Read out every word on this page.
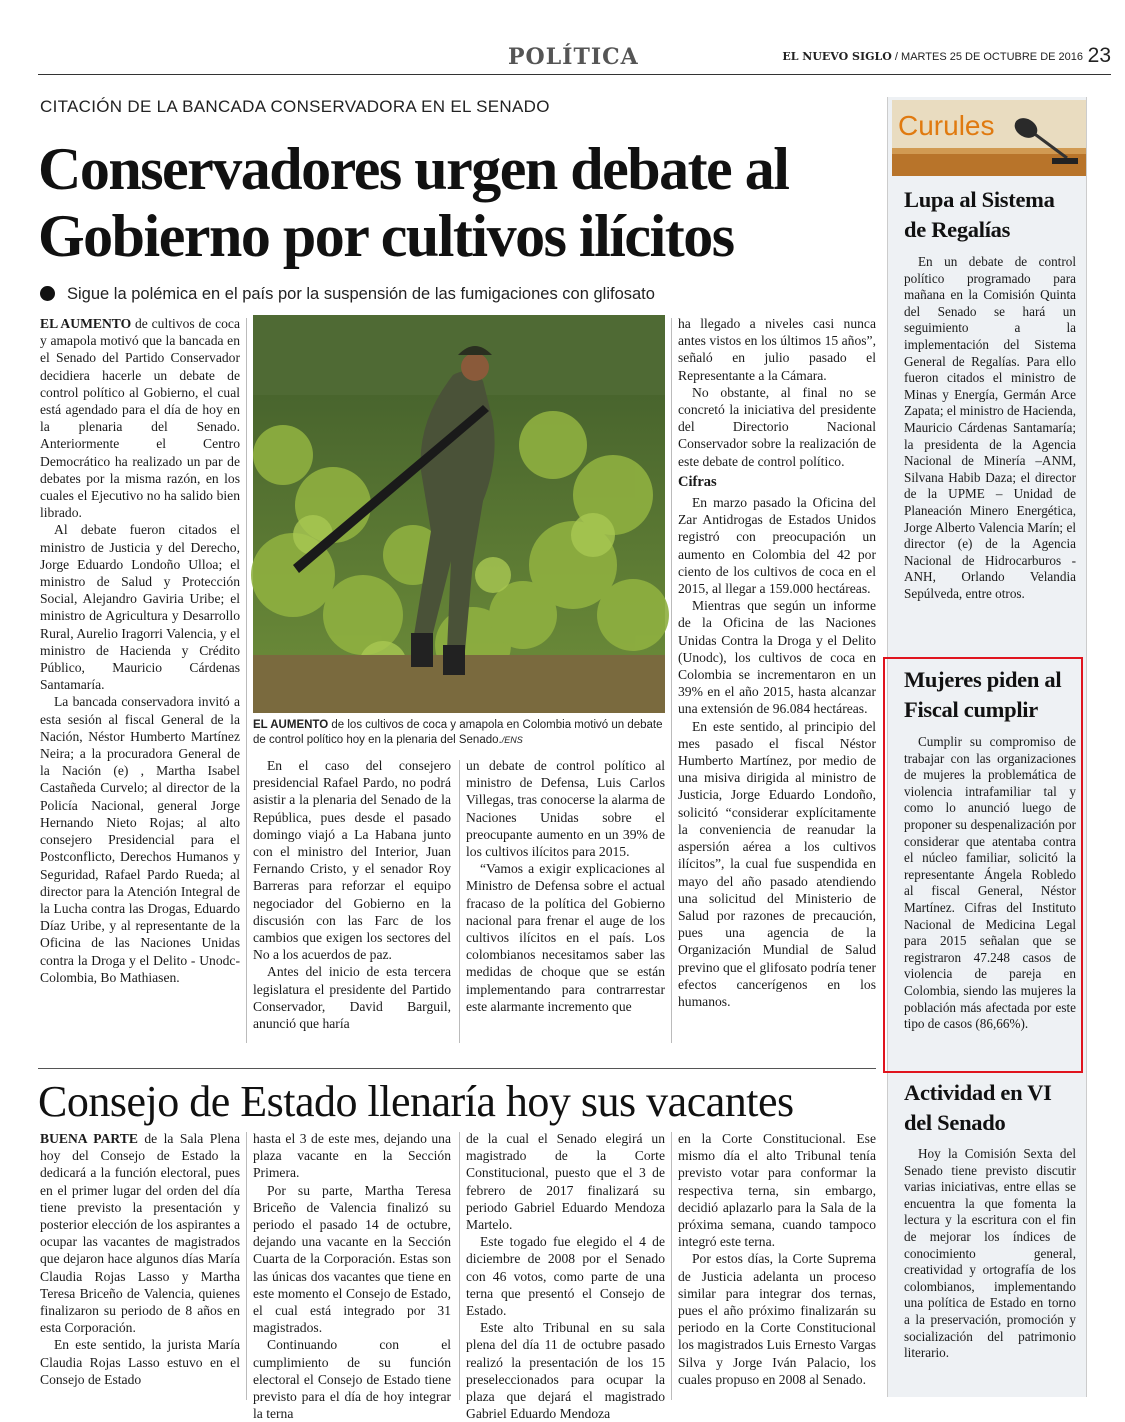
POLÍTICA	EL NUEVO SIGLO / MARTES 25 DE OCTUBRE DE 2016 23
CITACIÓN DE LA BANCADA CONSERVADORA EN EL SENADO
Conservadores urgen debate al
Gobierno por cultivos ilícitos
Sigue la polémica en el país por la suspensión de las fumigaciones con glifosato

EL AUMENTO de cultivos de coca y amapola motivó que la bancada en el Senado del Partido Conservador decidiera hacerle un debate de control político al Gobierno, el cual está agendado para el día de hoy en la plenaria del Senado. Anteriormente el Centro Democrático ha realizado un par de debates por la misma razón, en los cuales el Ejecutivo no ha salido bien librado.

Al debate fueron citados el ministro de Justicia y del Derecho, Jorge Eduardo Londoño Ulloa; el ministro de Salud y Protección Social, Alejandro Gaviria Uribe; el ministro de Agricultura y Desarrollo Rural, Aurelio Iragorri Valencia, y el ministro de Hacienda y Crédito Público, Mauricio Cárdenas Santamaría.

La bancada conservadora invitó a esta sesión al fiscal General de la Nación, Néstor Humberto Martínez Neira; a la procuradora General de la Nación (e) , Martha Isabel Castañeda Curvelo; al director de la Policía Nacional, general Jorge Hernando Nieto Rojas; al alto consejero Presidencial para el Postconflicto, Derechos Humanos y Seguridad, Rafael Pardo Rueda; al director para la Atención Integral de la Lucha contra las Drogas, Eduardo Díaz Uribe, y al representante de la Oficina de las Naciones Unidas contra la Droga y el Delito - Unodc- Colombia, Bo Mathiasen.

EL AUMENTO de los cultivos de coca y amapola en Colombia motivó un debate de control político hoy en la plenaria del Senado./ENS

En el caso del consejero presidencial Rafael Pardo, no podrá asistir a la plenaria del Senado de la República, pues desde el pasado domingo viajó a La Habana junto con el ministro del Interior, Juan Fernando Cristo, y el senador Roy Barreras para reforzar el equipo negociador del Gobierno en la discusión con las Farc de los cambios que exigen los sectores del No a los acuerdos de paz.

Antes del inicio de esta tercera legislatura el presidente del Partido Conservador, David Barguil, anunció que haría

un debate de control político al ministro de Defensa, Luis Carlos Villegas, tras conocerse la alarma de Naciones Unidas sobre el preocupante aumento en un 39% de los cultivos ilícitos para 2015.

“Vamos a exigir explicaciones al Ministro de Defensa sobre el actual fracaso de la política del Gobierno nacional para frenar el auge de los cultivos ilícitos en el país. Los colombianos necesitamos saber las medidas de choque que se están implementando para contrarrestar este alarmante incremento que

ha llegado a niveles casi nunca antes vistos en los últimos 15 años”, señaló en julio pasado el Representante a la Cámara.

No obstante, al final no se concretó la iniciativa del presidente del Directorio Nacional Conservador sobre la realización de este debate de control político.

Cifras

En marzo pasado la Oficina del Zar Antidrogas de Estados Unidos registró con preocupación un aumento en Colombia del 42 por ciento de los cultivos de coca en el 2015, al llegar a 159.000 hectáreas.

Mientras que según un informe de la Oficina de las Naciones Unidas Contra la Droga y el Delito (Unodc), los cultivos de coca en Colombia se incrementaron en un 39% en el año 2015, hasta alcanzar una extensión de 96.084 hectáreas.

En este sentido, al principio del mes pasado el fiscal Néstor Humberto Martínez, por medio de una misiva dirigida al ministro de Justicia, Jorge Eduardo Londoño, solicitó “considerar explícitamente la conveniencia de reanudar la aspersión aérea a los cultivos ilícitos”, la cual fue suspendida en mayo del año pasado atendiendo una solicitud del Ministerio de Salud por razones de precaución, pues una agencia de la Organización Mundial de Salud previno que el glifosato podría tener efectos cancerígenos en los humanos.

Consejo de Estado llenaría hoy sus vacantes

BUENA PARTE de la Sala Plena hoy del Consejo de Estado la dedicará a la función electoral, pues en el primer lugar del orden del día tiene previsto la presentación y posterior elección de los aspirantes a ocupar las vacantes de magistrados que dejaron hace algunos días María Claudia Rojas Lasso y Martha Teresa Briceño de Valencia, quienes finalizaron su periodo de 8 años en esta Corporación.

En este sentido, la jurista María Claudia Rojas Lasso estuvo en el Consejo de Estado

hasta el 3 de este mes, dejando una plaza vacante en la Sección Primera.

Por su parte, Martha Teresa Briceño de Valencia finalizó su periodo el pasado 14 de octubre, dejando una vacante en la Sección Cuarta de la Corporación. Estas son las únicas dos vacantes que tiene en este momento el Consejo de Estado, el cual está integrado por 31 magistrados.

Continuando con el cumplimiento de su función electoral el Consejo de Estado tiene previsto para el día de hoy integrar la terna

de la cual el Senado elegirá un magistrado de la Corte Constitucional, puesto que el 3 de febrero de 2017 finalizará su periodo Gabriel Eduardo Mendoza Martelo.

Este togado fue elegido el 4 de diciembre de 2008 por el Senado con 46 votos, como parte de una terna que presentó el Consejo de Estado.

Este alto Tribunal en su sala plena del día 11 de octubre pasado realizó la presentación de los 15 preseleccionados para ocupar la plaza que dejará el magistrado Gabriel Eduardo Mendoza

en la Corte Constitucional. Ese mismo día el alto Tribunal tenía previsto votar para conformar la respectiva terna, sin embargo, decidió aplazarlo para la Sala de la próxima semana, cuando tampoco integró este terna.

Por estos días, la Corte Suprema de Justicia adelanta un proceso similar para integrar dos ternas, pues el año próximo finalizarán su periodo en la Corte Constitucional los magistrados Luis Ernesto Vargas Silva y Jorge Iván Palacio, los cuales propuso en 2008 al Senado.

Curules
Lupa al Sistema de Regalías

En un debate de control político programado para mañana en la Comisión Quinta del Senado se hará un seguimiento a la implementación del Sistema General de Regalías. Para ello fueron citados el ministro de Minas y Energía, Germán Arce Zapata; el ministro de Hacienda, Mauricio Cárdenas Santamaría; la presidenta de la Agencia Nacional de Minería –ANM, Silvana Habib Daza; el director de la UPME – Unidad de Planeación Minero Energética, Jorge Alberto Valencia Marín; el director (e) de la Agencia Nacional de Hidrocarburos -ANH, Orlando Velandia Sepúlveda, entre otros.

Mujeres piden al Fiscal cumplir

Cumplir su compromiso de trabajar con las organizaciones de mujeres la problemática de violencia intrafamiliar tal y como lo anunció luego de proponer su despenalización por considerar que atentaba contra el núcleo familiar, solicitó la representante Ángela Robledo al fiscal General, Néstor Martínez. Cifras del Instituto Nacional de Medicina Legal para 2015 señalan que se registraron 47.248 casos de violencia de pareja en Colombia, siendo las mujeres la población más afectada por este tipo de casos (86,66%).

Actividad en VI del Senado

Hoy la Comisión Sexta del Senado tiene previsto discutir varias iniciativas, entre ellas se encuentra la que fomenta la lectura y la escritura con el fin de mejorar los índices de conocimiento general, creatividad y ortografía de los colombianos, implementando una política de Estado en torno a la preservación, promoción y socialización del patrimonio literario.
